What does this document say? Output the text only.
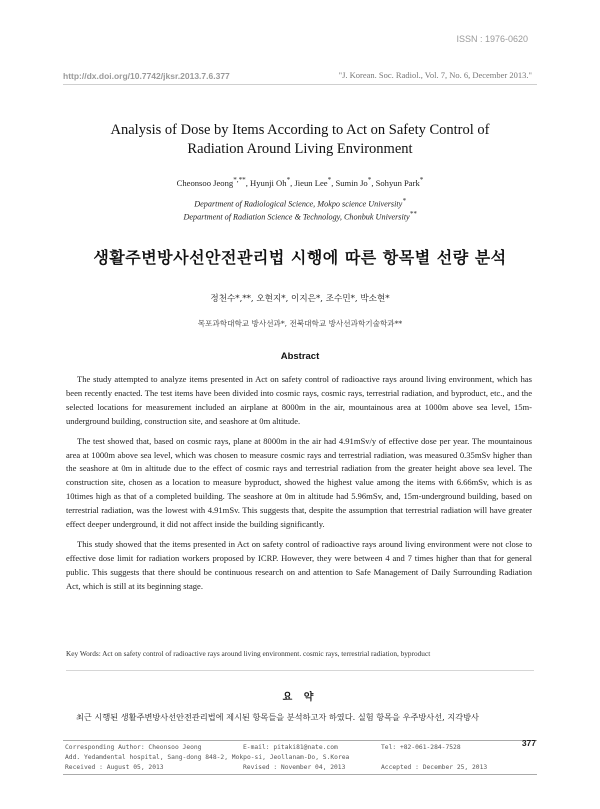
ISSN : 1976-0620
http://dx.doi.org/10.7742/jksr.2013.7.6.377	"J. Korean. Soc. Radiol., Vol. 7, No. 6, December 2013."
Analysis of Dose by Items According to Act on Safety Control of
Radiation Around Living Environment
Cheonsoo Jeong*,**, Hyunji Oh*, Jieun Lee*, Sumin Jo*, Sohyun Park*
Department of Radiological Science, Mokpo science University*
Department of Radiation Science & Technology, Chonbuk University**
생활주변방사선안전관리법 시행에 따른 항목별 선량 분석
정천수*,**, 오현지*, 이지은*, 조수민*, 박소현*
목포과학대학교 방사선과*, 전북대학교 방사선과학기술학과**
Abstract

The study attempted to analyze items presented in Act on safety control of radioactive rays around living environment, which has been recently enacted. The test items have been divided into cosmic rays, cosmic rays, terrestrial radiation, and byproduct, etc., and the selected locations for measurement included an airplane at 8000m in the air, mountainous area at 1000m above sea level, 15m-underground building, construction site, and seashore at 0m altitude.

The test showed that, based on cosmic rays, plane at 8000m in the air had 4.91mSv/y of effective dose per year. The mountainous area at 1000m above sea level, which was chosen to measure cosmic rays and terrestrial radiation, was measured 0.35mSv higher than the seashore at 0m in altitude due to the effect of cosmic rays and terrestrial radiation from the greater height above sea level. The construction site, chosen as a location to measure byproduct, showed the highest value among the items with 6.66mSv, which is as 10times high as that of a completed building. The seashore at 0m in altitude had 5.96mSv, and, 15m-underground building, based on terrestrial radiation, was the lowest with 4.91mSv. This suggests that, despite the assumption that terrestrial radiation will have greater effect deeper underground, it did not affect inside the building significantly.

This study showed that the items presented in Act on safety control of radioactive rays around living environment were not close to effective dose limit for radiation workers proposed by ICRP. However, they were between 4 and 7 times higher than that for general public. This suggests that there should be continuous research on and attention to Safe Management of Daily Surrounding Radiation Act, which is still at its beginning stage.

Key Words: Act on safety control of radioactive rays around living environment. cosmic rays, terrestrial radiation, byproduct
요 약
최근 시행된 생활주변방사선안전관리법에 제시된 항목들을 분석하고자 하였다. 실험 항목을 우주방사선, 지각방사
Corresponding Author: Cheonsoo Jeong	E-mail: pitaki81@nate.com	Tel: +82-061-284-7528
Add. Yedamdental hospital, Sang-dong 848-2, Mokpo-si, Jeollanam-Do, S.Korea
Received : August 05, 2013	Revised : November 04, 2013	Accepted : December 25, 2013
377
